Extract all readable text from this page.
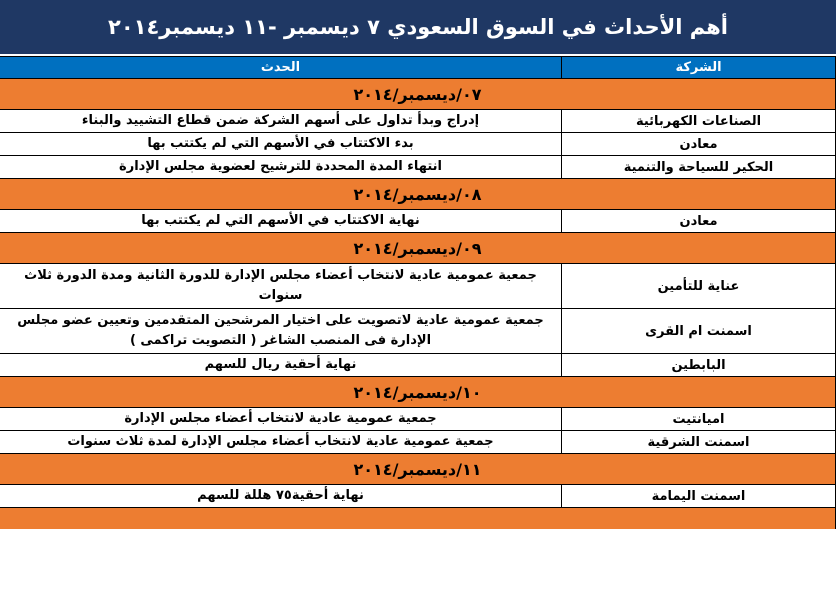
أهم الأحداث في السوق السعودي ٧ ديسمبر -١١ ديسمبر٢٠١٤
الشركة	الحدث
٠٧/ديسمبر/٢٠١٤	
الصناعات الكهربائية	إدراج وبدأ تداول على أسهم الشركة ضمن قطاع التشييد والبناء
معادن	بدء الاكتتاب في الأسهم التي لم يكتتب بها
الحكير للسياحة والتنمية	انتهاء المدة المحددة للترشيح لعضوية مجلس الإدارة
٠٨/ديسمبر/٢٠١٤	
معادن	نهاية الاكتتاب في الأسهم التي لم يكتتب بها
٠٩/ديسمبر/٢٠١٤	
عناية للتأمين	جمعية عمومية عادية لانتخاب أعضاء مجلس الإدارة للدورة الثانية ومدة الدورة ثلاث سنوات
اسمنت ام القرى	جمعية عمومية عادية لاتصويت على اختيار المرشحين المتقدمين وتعيين عضو مجلس الإدارة فى المنصب الشاغر ( التصويت تراكمى )
البابطين	نهاية أحقية ريال للسهم
١٠/ديسمبر/٢٠١٤	
اميانتيت	جمعية عمومية عادية لانتخاب أعضاء مجلس الإدارة
اسمنت الشرقية	جمعية عمومية عادية لانتخاب أعضاء مجلس الإدارة لمدة ثلاث سنوات
١١/ديسمبر/٢٠١٤	
اسمنت اليمامة	نهاية أحقية٧٥ هللة للسهم
